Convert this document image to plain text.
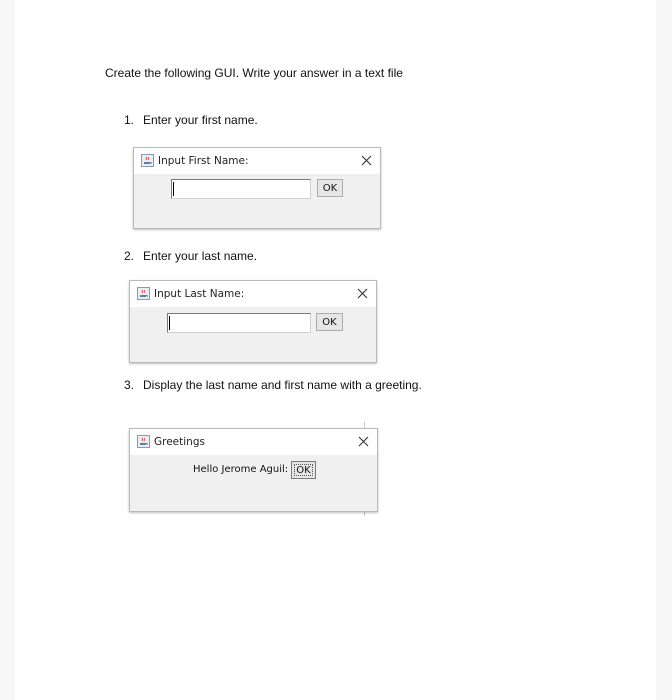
Create the following GUI. Write your answer in a text file
1. Enter your first name.
Input First Name:
OK
2. Enter your last name.
Input Last Name:
OK
3. Display the last name and first name with a greeting.
Greetings
Hello Jerome Aguil: OK
